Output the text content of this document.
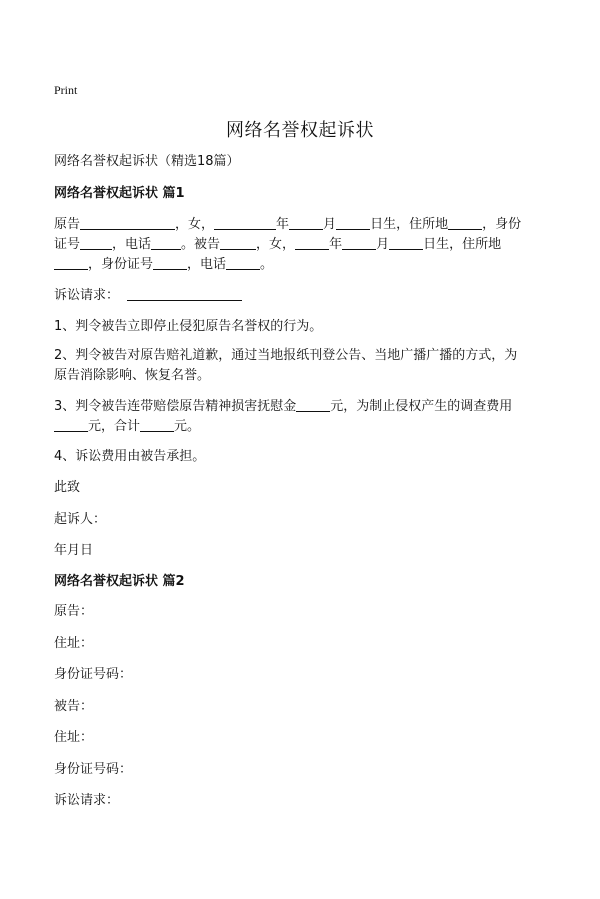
Print
网络名誉权起诉状
网络名誉权起诉状（精选18篇）
网络名誉权起诉状 篇1
原告	，女，	年	月	日生，住所地	，身份
证号 ，电话 。被告	，女，	年	月	日生，住所地
，身份证号	，电话	。
诉讼请求：
1、判令被告立即停止侵犯原告名誉权的行为。
2、判令被告对原告赔礼道歉，通过当地报纸刊登公告、当地广播广播的方式，为
原告消除影响、恢复名誉。
3、判令被告连带赔偿原告精神损害抚慰金	元，为制止侵权产生的调查费用
元，合计	元。
4、诉讼费用由被告承担。
此致
起诉人：
年月日
网络名誉权起诉状 篇2
原告：
住址：
身份证号码：
被告：
住址：
身份证号码：
诉讼请求：
